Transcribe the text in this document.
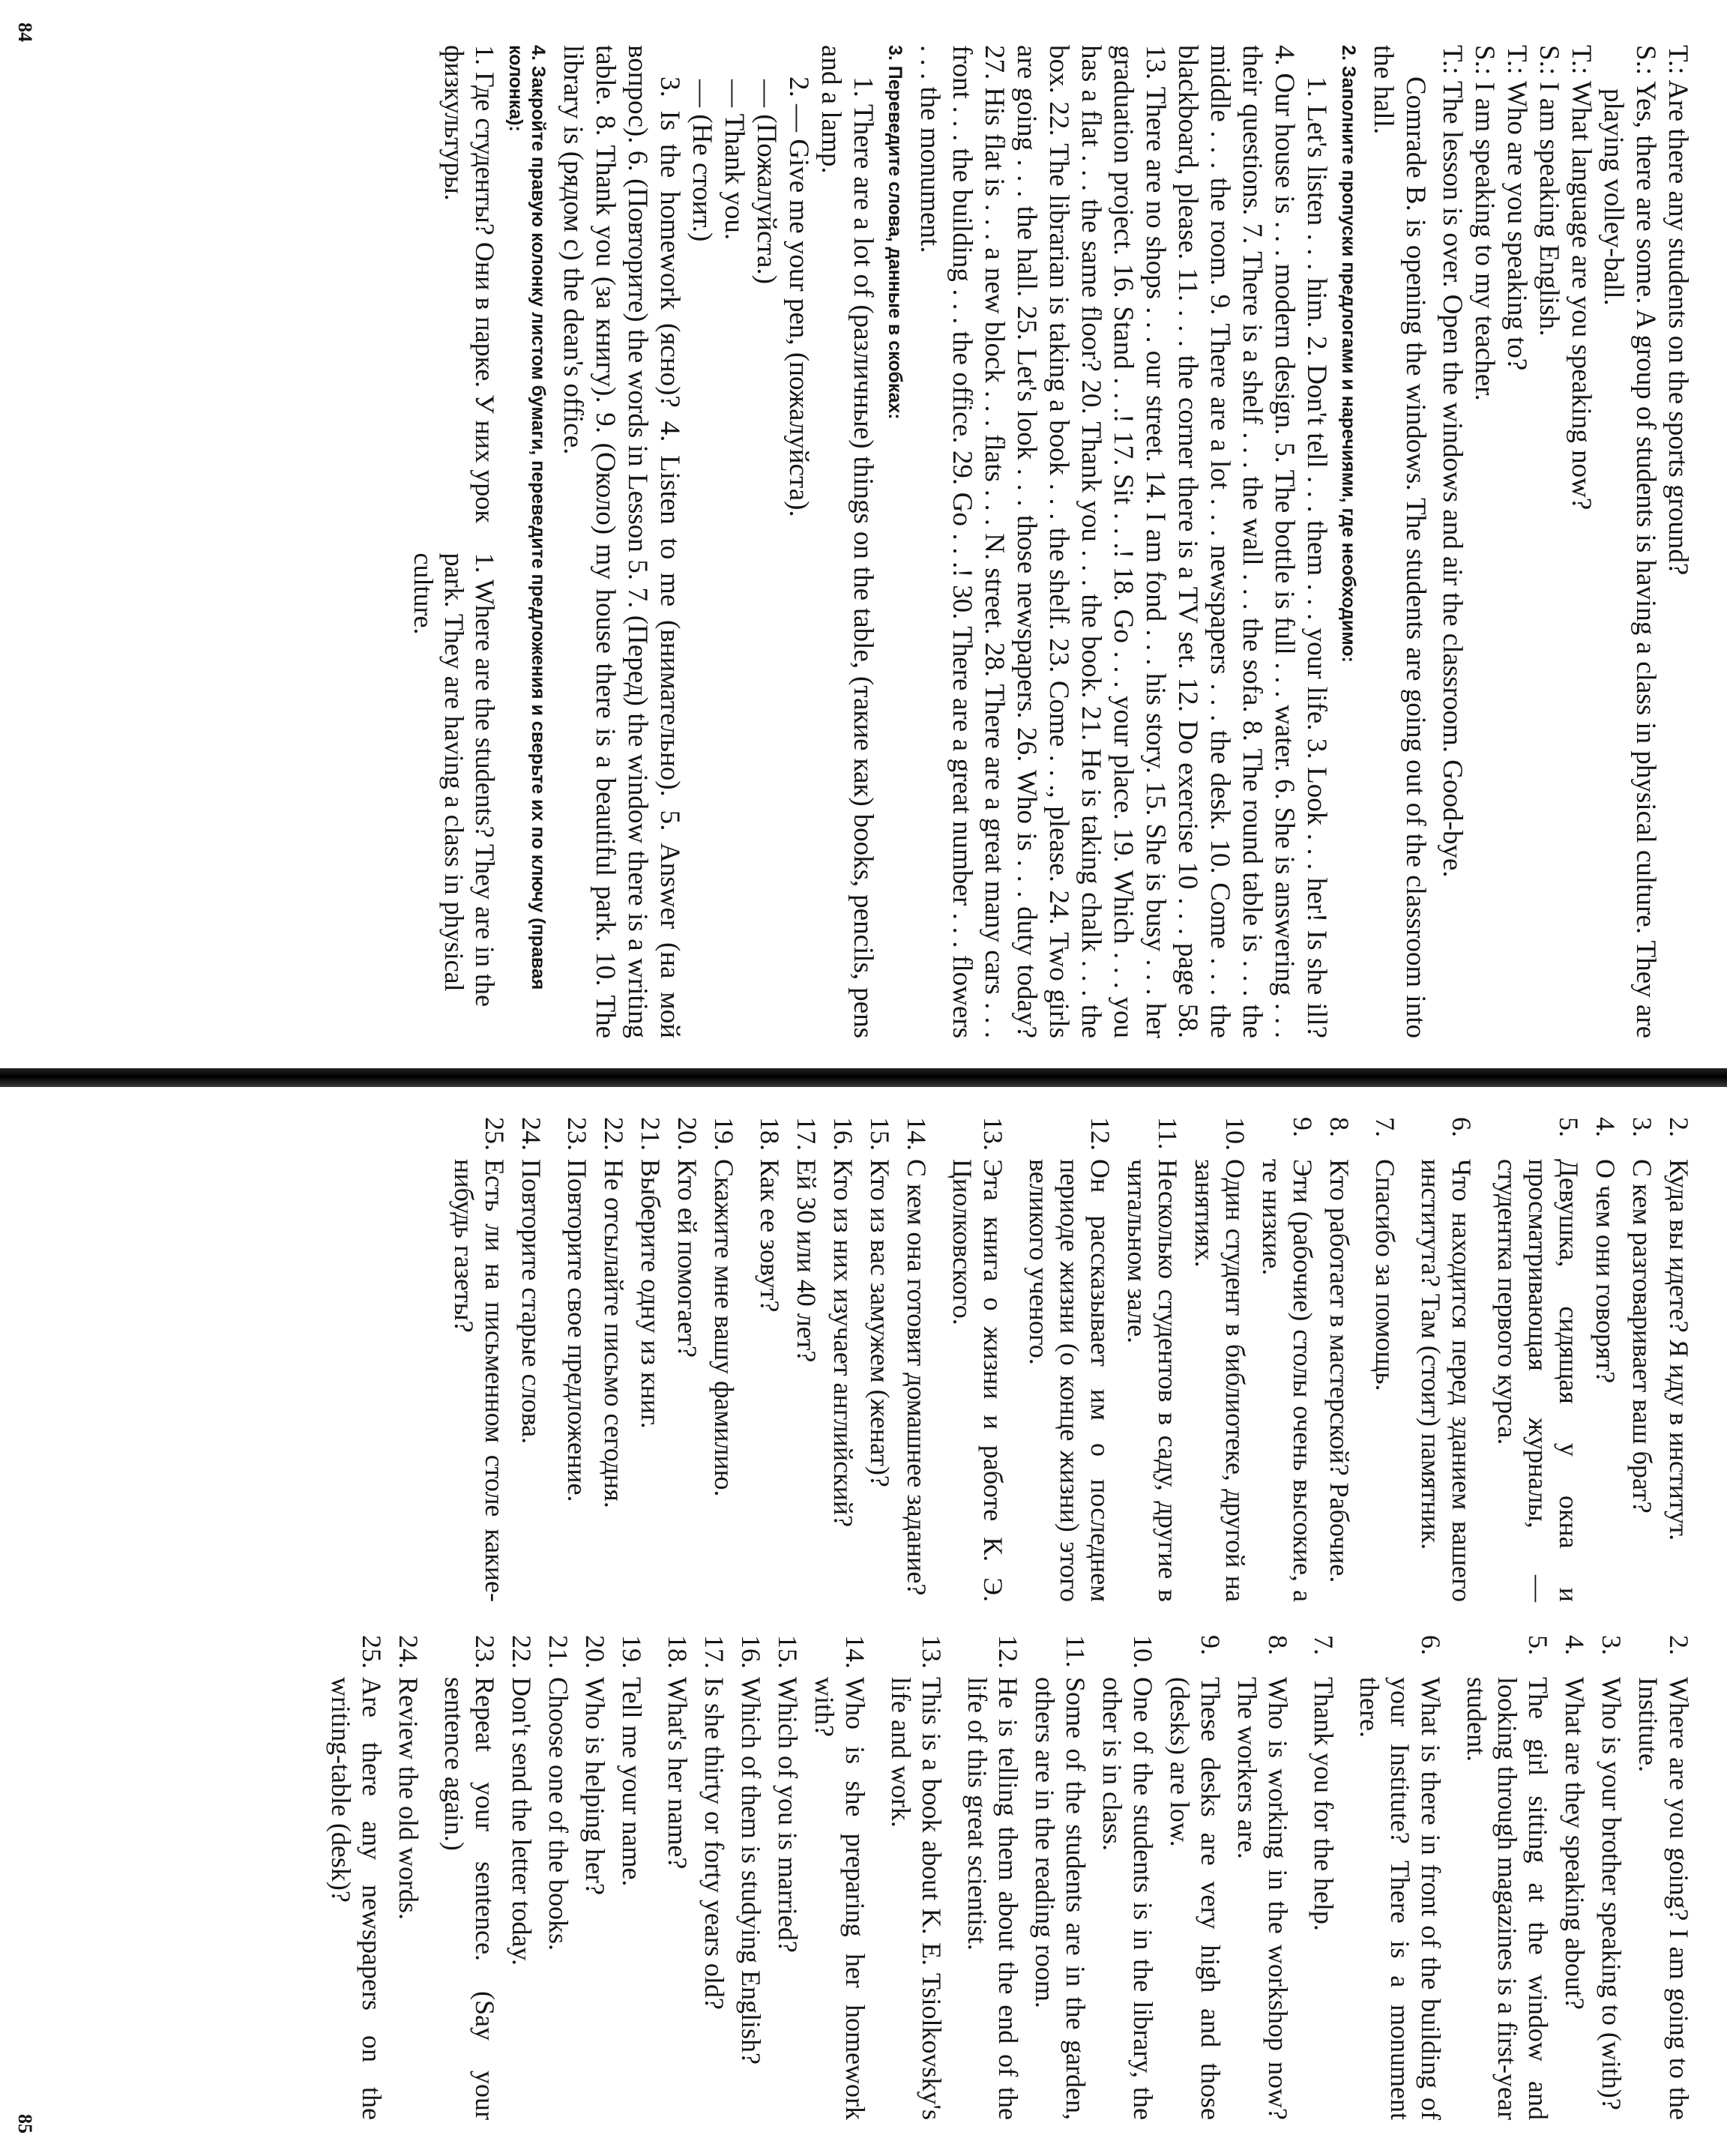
T.: Are there any students on the sports ground?

S.: Yes, there are some. A group of students is having a class in physical culture. They are playing volley-ball.

T.: What language are you speaking now?

S.: I am speaking English.

T.: Who are you speaking to?

S.: I am speaking to my teacher.

T.: The lesson is over. Open the windows and air the classroom. Good-bye.

Comrade B. is opening the windows. The students are going out of the classroom into the hall.

2. Заполните пропуски предлогами и наречиями, где необходимо:

1. Let's listen . . . him. 2. Don't tell . . . them . . . your life. 3. Look . . . her! Is she ill? 4. Our house is . . . modern design. 5. The bottle is full . . . water. 6. She is answering . . . their questions. 7. There is a shelf . . . the wall . . . the sofa. 8. The round table is . . . the middle . . . the room. 9. There are a lot . . . newspapers . . . the desk. 10. Come . . . the blackboard, please. 11. . . . the corner there is a TV set. 12. Do exercise 10 . . . page 58. 13. There are no shops . . . our street. 14. I am fond . . . his story. 15. She is busy . . . her graduation project. 16. Stand . . .! 17. Sit . . .! 18. Go . . . your place. 19. Which . . . you has a flat . . . the same floor? 20. Thank you . . . the book. 21. He is taking chalk . . . the box. 22. The librarian is taking a book . . . the shelf. 23. Come . . ., please. 24. Two girls are going . . . the hall. 25. Let's look . . . those newspapers. 26. Who is . . . duty today? 27. His flat is . . . a new block . . . flats . . . N. street. 28. There are a great many cars . . . front . . . the building . . . the office. 29. Go . . .! 30. There are a great number . . . flowers . . . the monument.

3. Переведите слова, данные в скобках:

1. There are a lot of (различные) things on the table, (такие как) books, pencils, pens and a lamp.

2. — Give me your pen, (пожалуйста).

— (Пожалуйста.)

— Thank you.

— (Не стоит.)

3. Is the homework (ясно)? 4. Listen to me (внимательно). 5. Answer (на мой вопрос). 6. (Повторите) the words in Lesson 5. 7. (Перед) the window there is a writing table. 8. Thank you (за книгу). 9. (Около) my house there is a beautiful park. 10. The library is (рядом с) the dean's office.

4. Закройте правую колонку листом бумаги, переведите предложения и сверьте их по ключу (правая колонка):
1. Где студенты? Они в парке. У них урок физкультуры.
1. Where are the students? They are in the park. They are having a class in physical culture.
84
2.
Куда вы идете? Я иду в институт.
3.
С кем разговаривает ваш брат?
4.
О чем они говорят?
5.
Девушка, сидящая у окна и просматривающая журналы, — студентка первого курса.
6.
Что находится перед зданием вашего института? Там (стоит) памятник.
7.
Спасибо за помощь.
8.
Кто работает в мастерской? Рабочие.
9.
Эти (рабочие) столы очень высокие, а те низкие.
10.
Один студент в библиотеке, другой на занятиях.
11.
Несколько студентов в саду, другие в читальном зале.
12.
Он рассказывает им о последнем периоде жизни (о конце жизни) этого великого ученого.
13.
Эта книга о жизни и работе К. Э. Циолковского.
14.
С кем она готовит домашнее задание?
15.
Кто из вас замужем (женат)?
16.
Кто из них изучает английский?
17.
Ей 30 или 40 лет?
18.
Как ее зовут?
19.
Скажите мне вашу фамилию.
20.
Кто ей помогает?
21.
Выберите одну из книг.
22.
Не отсылайте письмо сегодня.
23.
Повторите свое предложение.
24.
Повторите старые слова.
25.
Есть ли на письменном столе какие-нибудь газеты?
2.
Where are you going? I am going to the Institute.
3.
Who is your brother speaking to (with)?
4.
What are they speaking about?
5.
The girl sitting at the window and looking through magazines is a first-year student.
6.
What is there in front of the building of your Institute? There is a monument there.
7.
Thank you for the help.
8.
Who is working in the workshop now? The workers are.
9.
These desks are very high and those (desks) are low.
10.
One of the students is in the library, the other is in class.
11.
Some of the students are in the garden, others are in the reading room.
12.
He is telling them about the end of the life of this great scientist.
13.
This is a book about K. E. Tsiolkovsky's life and work.
14.
Who is she preparing her homework with?
15.
Which of you is married?
16.
Which of them is studying English?
17.
Is she thirty or forty years old?
18.
What's her name?
19.
Tell me your name.
20.
Who is helping her?
21.
Choose one of the books.
22.
Don't send the letter today.
23.
Repeat your sentence. (Say your sentence again.)
24.
Review the old words.
25.
Are there any newspapers on the writing-table (desk)?
85
